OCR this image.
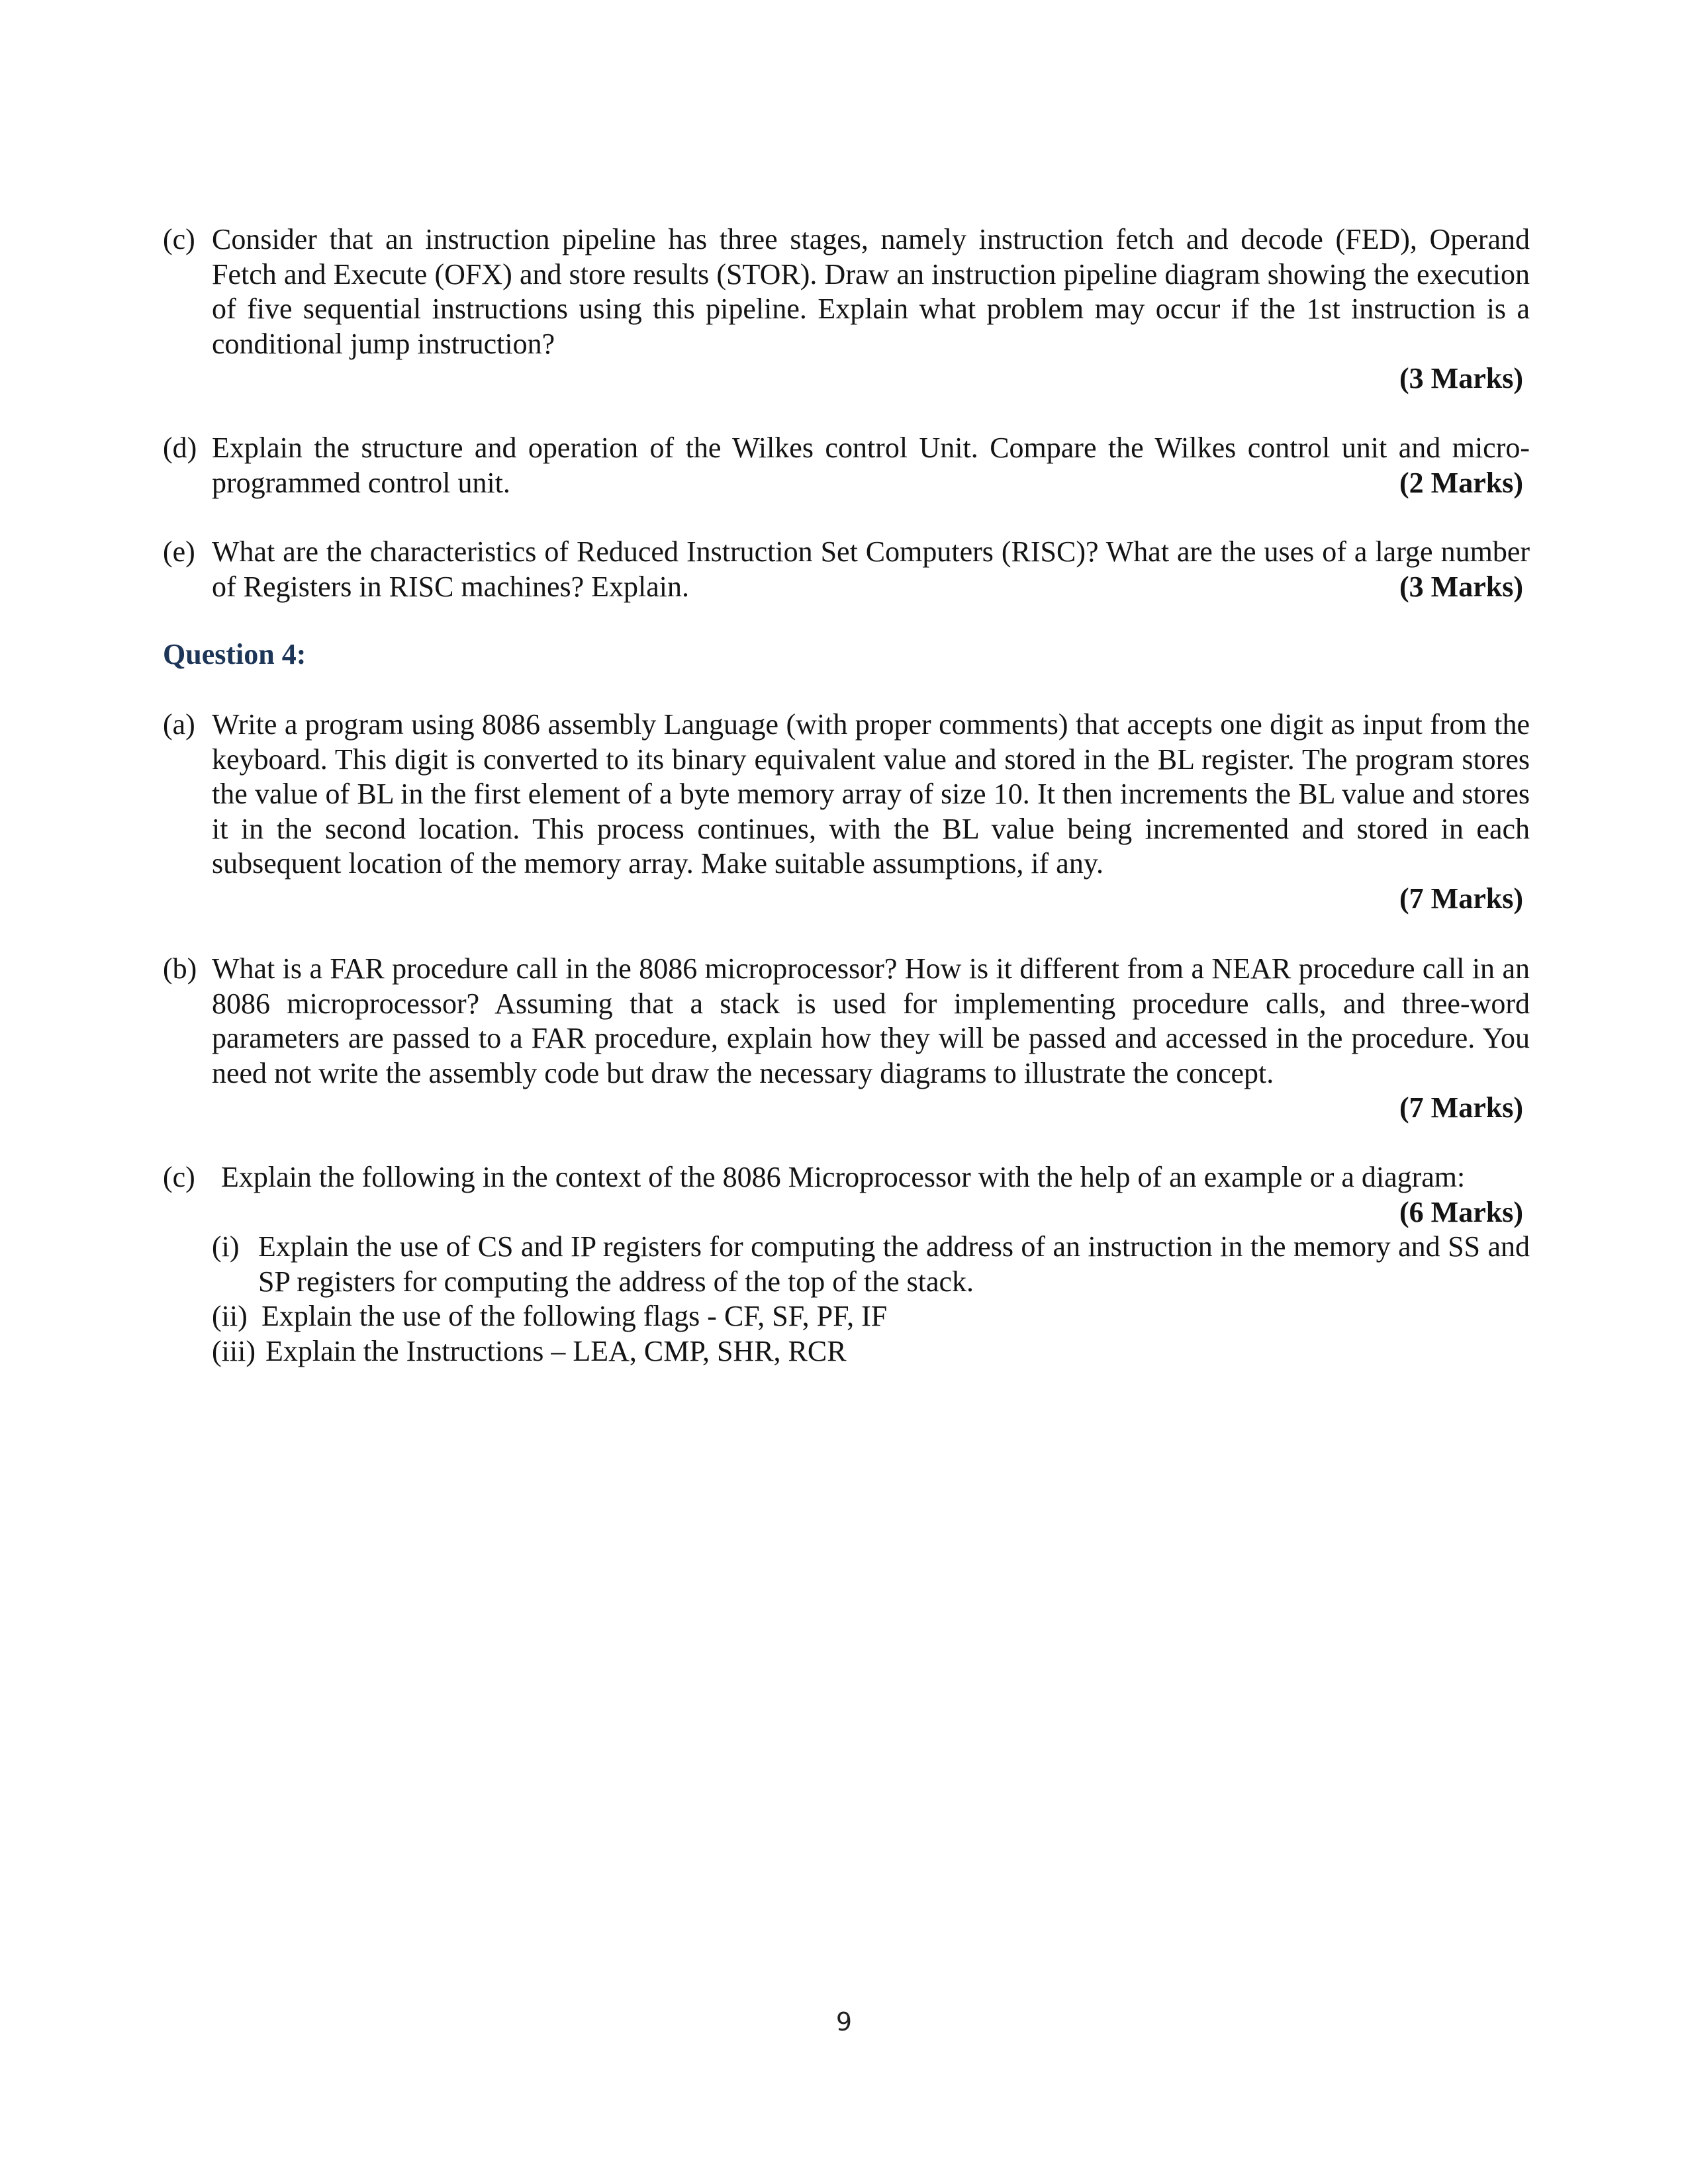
(c) Consider that an instruction pipeline has three stages, namely instruction fetch and decode (FED), Operand Fetch and Execute (OFX) and store results (STOR). Draw an instruction pipeline diagram showing the execution of five sequential instructions using this pipeline. Explain what problem may occur if the 1st instruction is a conditional jump instruction?
(3 Marks)
(d) Explain the structure and operation of the Wilkes control Unit. Compare the Wilkes control unit and micro-programmed control unit.	(2 Marks)
(e) What are the characteristics of Reduced Instruction Set Computers (RISC)? What are the uses of a large number of Registers in RISC machines? Explain.	(3 Marks)
Question 4:
(a) Write a program using 8086 assembly Language (with proper comments) that accepts one digit as input from the keyboard. This digit is converted to its binary equivalent value and stored in the BL register. The program stores the value of BL in the first element of a byte memory array of size 10. It then increments the BL value and stores it in the second location. This process continues, with the BL value being incremented and stored in each subsequent location of the memory array. Make suitable assumptions, if any.
(7 Marks)
(b) What is a FAR procedure call in the 8086 microprocessor? How is it different from a NEAR procedure call in an 8086 microprocessor? Assuming that a stack is used for implementing procedure calls, and three-word parameters are passed to a FAR procedure, explain how they will be passed and accessed in the procedure. You need not write the assembly code but draw the necessary diagrams to illustrate the concept.
(7 Marks)
(c) Explain the following in the context of the 8086 Microprocessor with the help of an example or a diagram:
(6 Marks)
(i) Explain the use of CS and IP registers for computing the address of an instruction in the memory and SS and SP registers for computing the address of the top of the stack.
(ii) Explain the use of the following flags - CF, SF, PF, IF
(iii) Explain the Instructions – LEA, CMP, SHR, RCR
9
